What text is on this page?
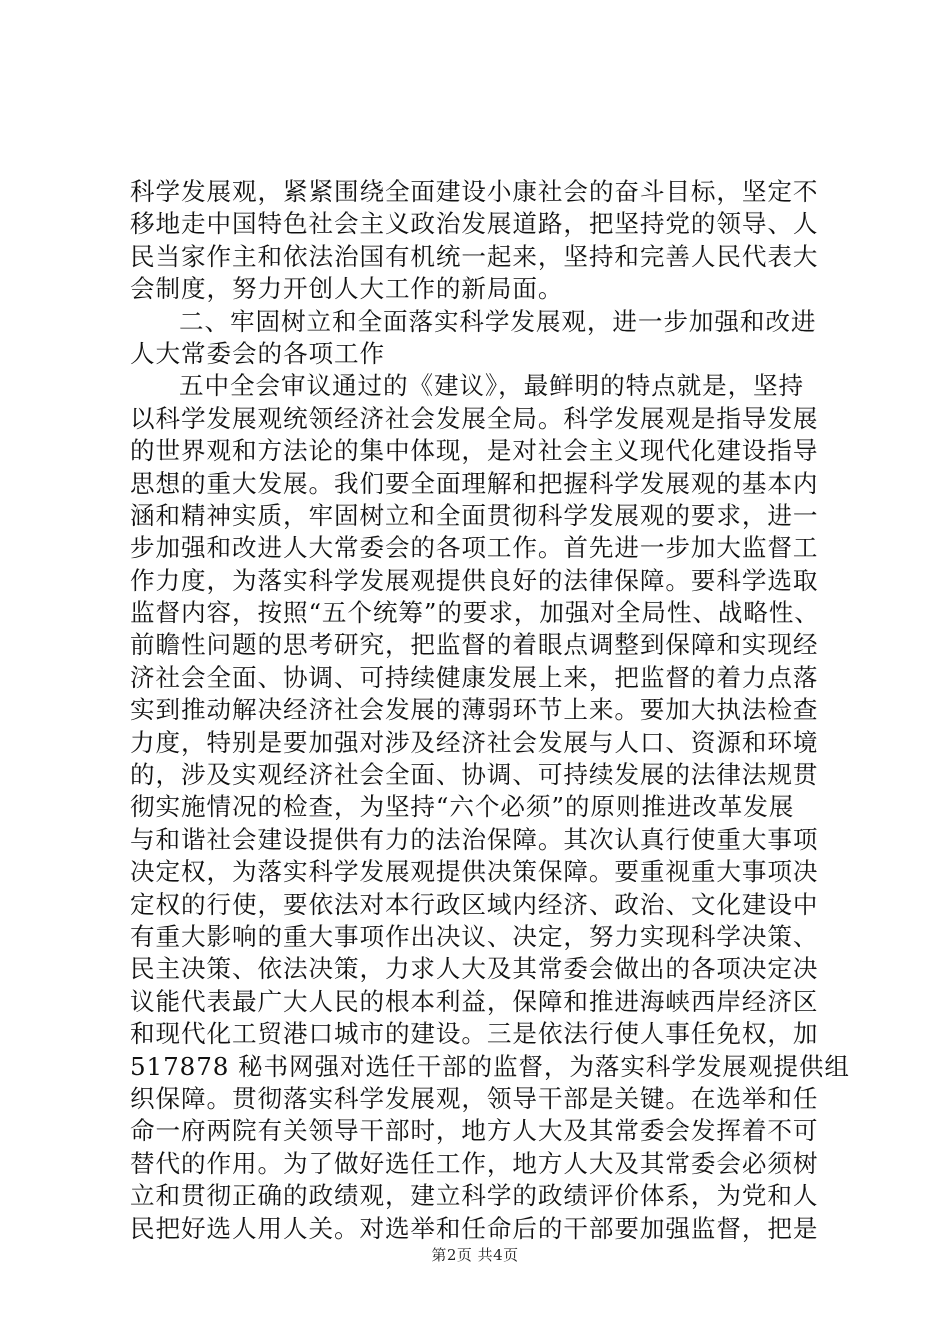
科学发展观，紧紧围绕全面建设小康社会的奋斗目标，坚定不
移地走中国特色社会主义政治发展道路，把坚持党的领导、人
民当家作主和依法治国有机统一起来，坚持和完善人民代表大
会制度，努力开创人大工作的新局面。
二、牢固树立和全面落实科学发展观，进一步加强和改进
人大常委会的各项工作
五中全会审议通过的《建议》，最鲜明的特点就是，坚持
以科学发展观统领经济社会发展全局。科学发展观是指导发展
的世界观和方法论的集中体现，是对社会主义现代化建设指导
思想的重大发展。我们要全面理解和把握科学发展观的基本内
涵和精神实质，牢固树立和全面贯彻科学发展观的要求，进一
步加强和改进人大常委会的各项工作。首先进一步加大监督工
作力度，为落实科学发展观提供良好的法律保障。要科学选取
监督内容，按照“五个统筹”的要求，加强对全局性、战略性、
前瞻性问题的思考研究，把监督的着眼点调整到保障和实现经
济社会全面、协调、可持续健康发展上来，把监督的着力点落
实到推动解决经济社会发展的薄弱环节上来。要加大执法检查
力度，特别是要加强对涉及经济社会发展与人口、资源和环境
的，涉及实观经济社会全面、协调、可持续发展的法律法规贯
彻实施情况的检查，为坚持“六个必须”的原则推进改革发展
与和谐社会建设提供有力的法治保障。其次认真行使重大事项
决定权，为落实科学发展观提供决策保障。要重视重大事项决
定权的行使，要依法对本行政区域内经济、政治、文化建设中
有重大影响的重大事项作出决议、决定，努力实现科学决策、
民主决策、依法决策，力求人大及其常委会做出的各项决定决
议能代表最广大人民的根本利益，保障和推进海峡西岸经济区
和现代化工贸港口城市的建设。三是依法行使人事任免权，加
517878 秘书网强对选任干部的监督，为落实科学发展观提供组
织保障。贯彻落实科学发展观，领导干部是关键。在选举和任
命一府两院有关领导干部时，地方人大及其常委会发挥着不可
替代的作用。为了做好选任工作，地方人大及其常委会必须树
立和贯彻正确的政绩观，建立科学的政绩评价体系，为党和人
民把好选人用人关。对选举和任命后的干部要加强监督，把是
第2页 共4页
